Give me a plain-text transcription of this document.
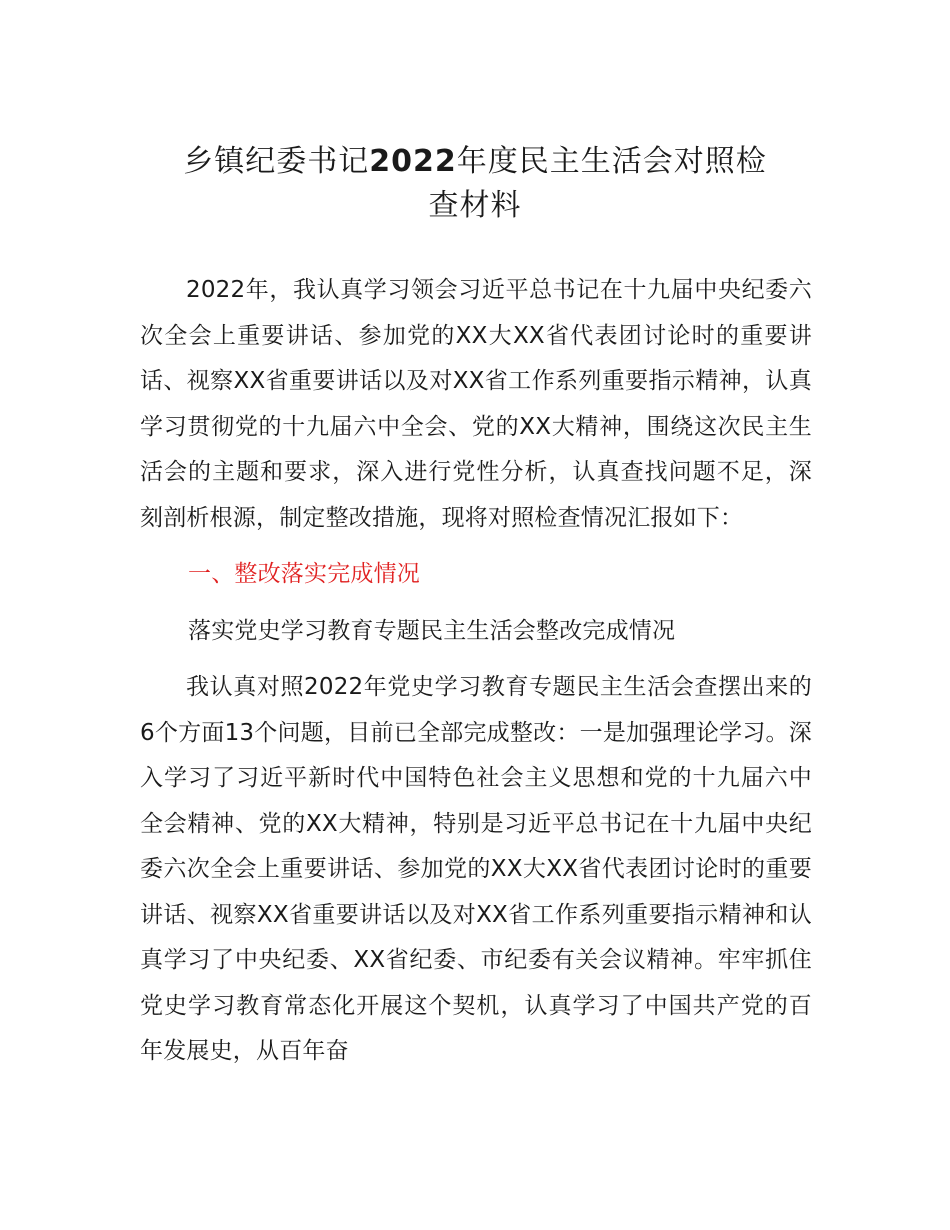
乡镇纪委书记2022年度民主生活会对照检
查材料

2022年，我认真学习领会习近平总书记在十九届中央纪委六次全会上重要讲话、参加党的XX大XX省代表团讨论时的重要讲话、视察XX省重要讲话以及对XX省工作系列重要指示精神，认真学习贯彻党的十九届六中全会、党的XX大精神，围绕这次民主生活会的主题和要求，深入进行党性分析，认真查找问题不足，深刻剖析根源，制定整改措施，现将对照检查情况汇报如下：

一、整改落实完成情况

落实党史学习教育专题民主生活会整改完成情况

我认真对照2022年党史学习教育专题民主生活会查摆出来的6个方面13个问题，目前已全部完成整改：一是加强理论学习。深入学习了习近平新时代中国特色社会主义思想和党的十九届六中全会精神、党的XX大精神，特别是习近平总书记在十九届中央纪委六次全会上重要讲话、参加党的XX大XX省代表团讨论时的重要讲话、视察XX省重要讲话以及对XX省工作系列重要指示精神和认真学习了中央纪委、XX省纪委、市纪委有关会议精神。牢牢抓住党史学习教育常态化开展这个契机，认真学习了中国共产党的百年发展史，从百年奋
